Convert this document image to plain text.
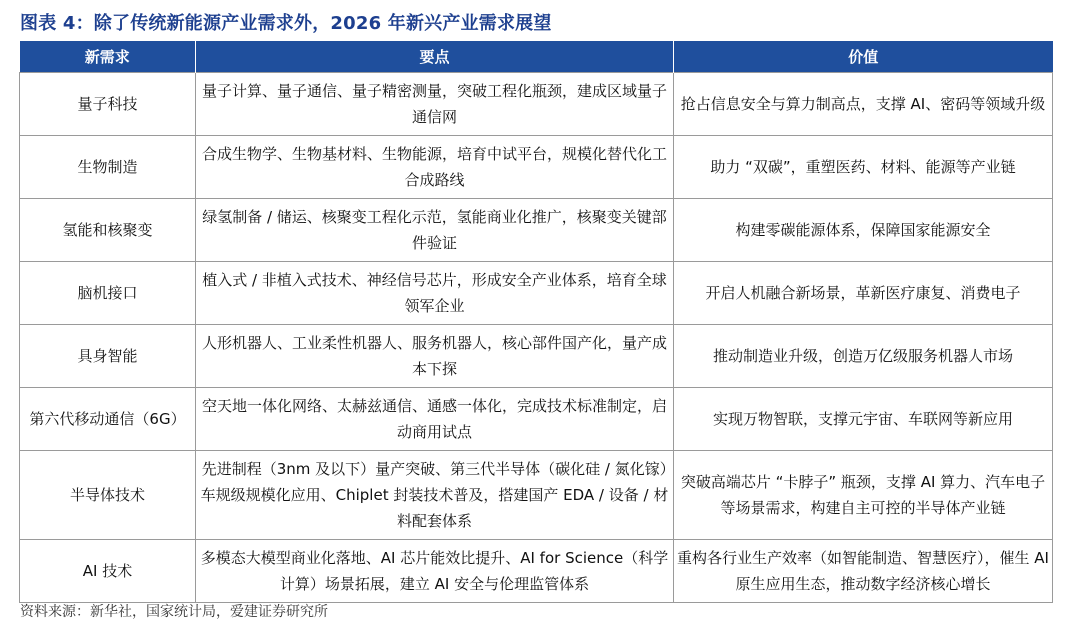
图表 4：除了传统新能源产业需求外，2026 年新兴产业需求展望
新需求	要点	价值
量子科技	量子计算、量子通信、量子精密测量，突破工程化瓶颈，建成区域量子通信网	抢占信息安全与算力制高点，支撑 AI、密码等领域升级
生物制造	合成生物学、生物基材料、生物能源，培育中试平台，规模化替代化工合成路线	助力 “双碳”，重塑医药、材料、能源等产业链
氢能和核聚变	绿氢制备 / 储运、核聚变工程化示范，氢能商业化推广，核聚变关键部件验证	构建零碳能源体系，保障国家能源安全
脑机接口	植入式 / 非植入式技术、神经信号芯片，形成安全产业体系，培育全球领军企业	开启人机融合新场景，革新医疗康复、消费电子
具身智能	人形机器人、工业柔性机器人、服务机器人，核心部件国产化，量产成本下探	推动制造业升级，创造万亿级服务机器人市场
第六代移动通信（6G）	空天地一体化网络、太赫兹通信、通感一体化，完成技术标准制定，启动商用试点	实现万物智联，支撑元宇宙、车联网等新应用
半导体技术	先进制程（3nm 及以下）量产突破、第三代半导体（碳化硅 / 氮化镓）车规级规模化应用、Chiplet 封装技术普及，搭建国产 EDA / 设备 / 材料配套体系	突破高端芯片 “卡脖子” 瓶颈，支撑 AI 算力、汽车电子等场景需求，构建自主可控的半导体产业链
AI 技术	多模态大模型商业化落地、AI 芯片能效比提升、AI for Science（科学计算）场景拓展，建立 AI 安全与伦理监管体系	重构各行业生产效率（如智能制造、智慧医疗），催生 AI 原生应用生态，推动数字经济核心增长
资料来源：新华社，国家统计局，爱建证券研究所
